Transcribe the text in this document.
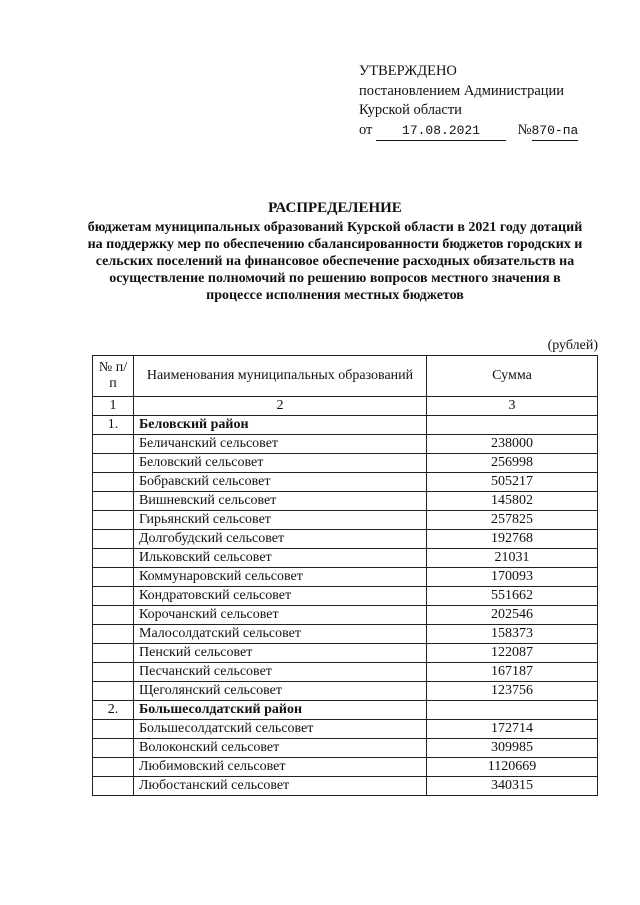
УТВЕРЖДЕНО
постановлением Администрации
Курской области
от 17.08.2021	№870-па
РАСПРЕДЕЛЕНИЕ
бюджетам муниципальных образований Курской области в 2021 году дотаций на поддержку мер по обеспечению сбалансированности бюджетов городских и сельских поселений на финансовое обеспечение расходных обязательств на осуществление полномочий по решению вопросов местного значения в процессе исполнения местных бюджетов
(рублей)
№ п/п	Наименования муниципальных образований	Сумма
1	2	3
1.	Беловский район	
	Беличанский сельсовет	238000
	Беловский сельсовет	256998
	Бобравский сельсовет	505217
	Вишневский сельсовет	145802
	Гирьянский сельсовет	257825
	Долгобудский сельсовет	192768
	Ильковский сельсовет	21031
	Коммунаровский сельсовет	170093
	Кондратовский сельсовет	551662
	Корочанский сельсовет	202546
	Малосолдатский сельсовет	158373
	Пенский сельсовет	122087
	Песчанский сельсовет	167187
	Щеголянский сельсовет	123756
2.	Большесолдатский район	
	Большесолдатский сельсовет	172714
	Волоконский сельсовет	309985
	Любимовский сельсовет	1120669
	Любостанский сельсовет	340315
